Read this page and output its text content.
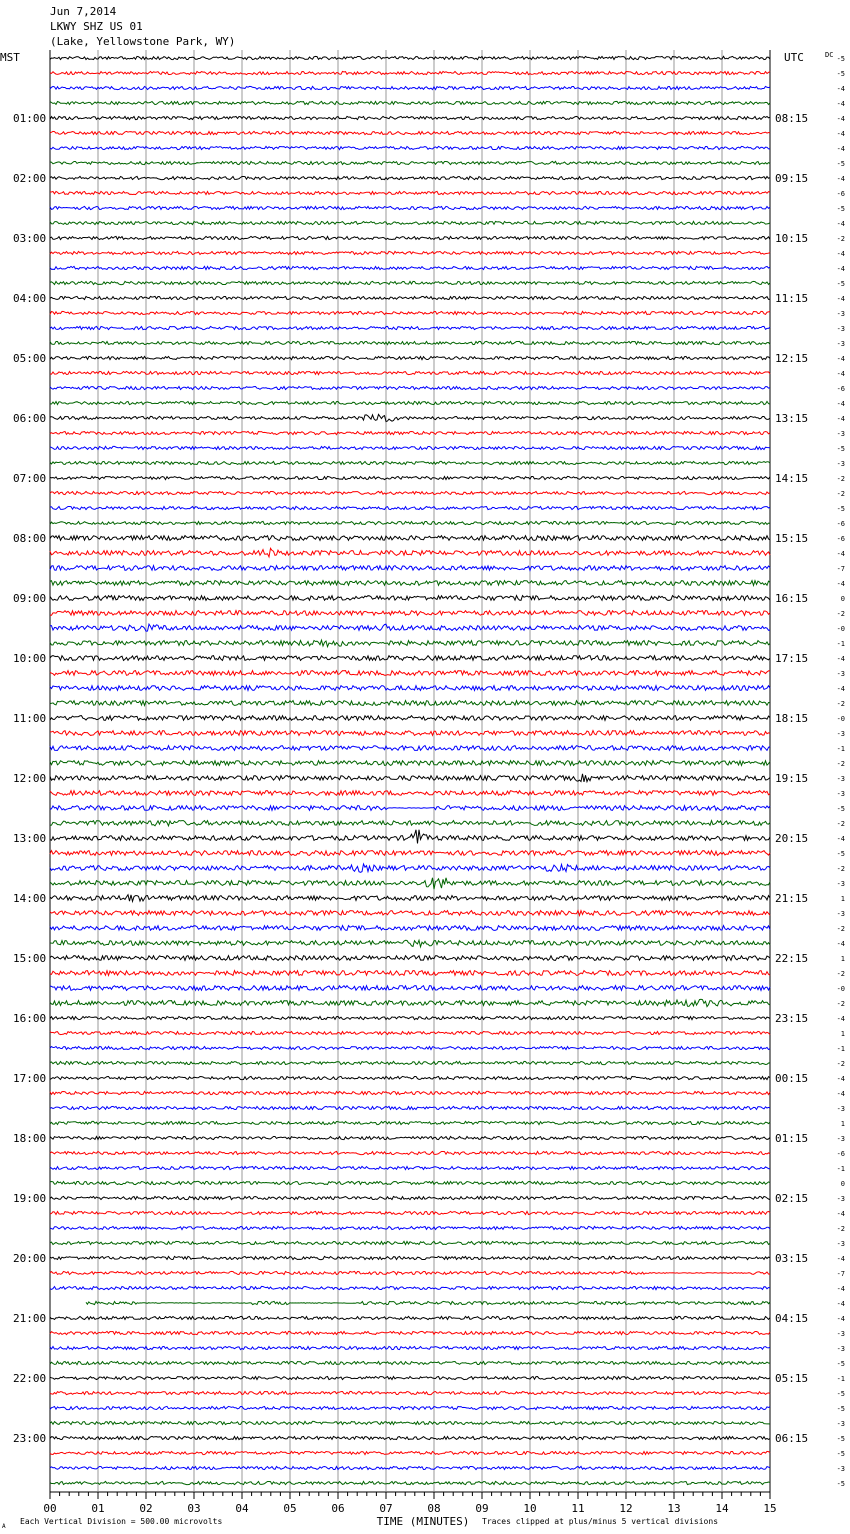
Jun 7,2014
LKWY SHZ US 01
(Lake, Yellowstone Park, WY)
00	01	02	03	04	05	06	07	08	09	10	11	12	13	14	15
MST	UTC	DC
01:00
02:00
03:00
04:00
05:00
06:00
07:00
08:00
09:00
10:00
11:00
12:00
13:00
14:00
15:00
16:00
17:00
18:00
19:00
20:00
21:00
22:00
23:00
08:15
09:15
10:15
11:15
12:15
13:15
14:15
15:15
16:15
17:15
18:15
19:15
20:15
21:15
22:15
23:15
00:15
01:15
02:15
03:15
04:15
05:15
06:15
-5
-5
-4
-4
-4
-4
-4
-5
-4
-6
-5
-4
-2
-4
-4
-5
-4
-3
-3
-3
-4
-4
-6
-4
-4
-3
-5
-3
-2
-2
-5
-6
-6
-4
-7
-4
0
-2
-0
-1
-4
-3
-4
-2
-0
-3
-1
-2
-3
-3
-5
-2
-4
-5
-2
-3
1
-3
-2
-4
1
-2
-0
-2
-4
1
-1
-2
-4
-4
-3
1
-3
-6
-1
0
-3
-4
-2
-3
-4
-7
-4
-4
-4
-3
-3
-5
-1
-5
-5
-3
-5
-5
-3
-5
TIME (MINUTES)
Each Vertical Division = 500.00 microvolts	Traces clipped at plus/minus 5 vertical divisions
A
